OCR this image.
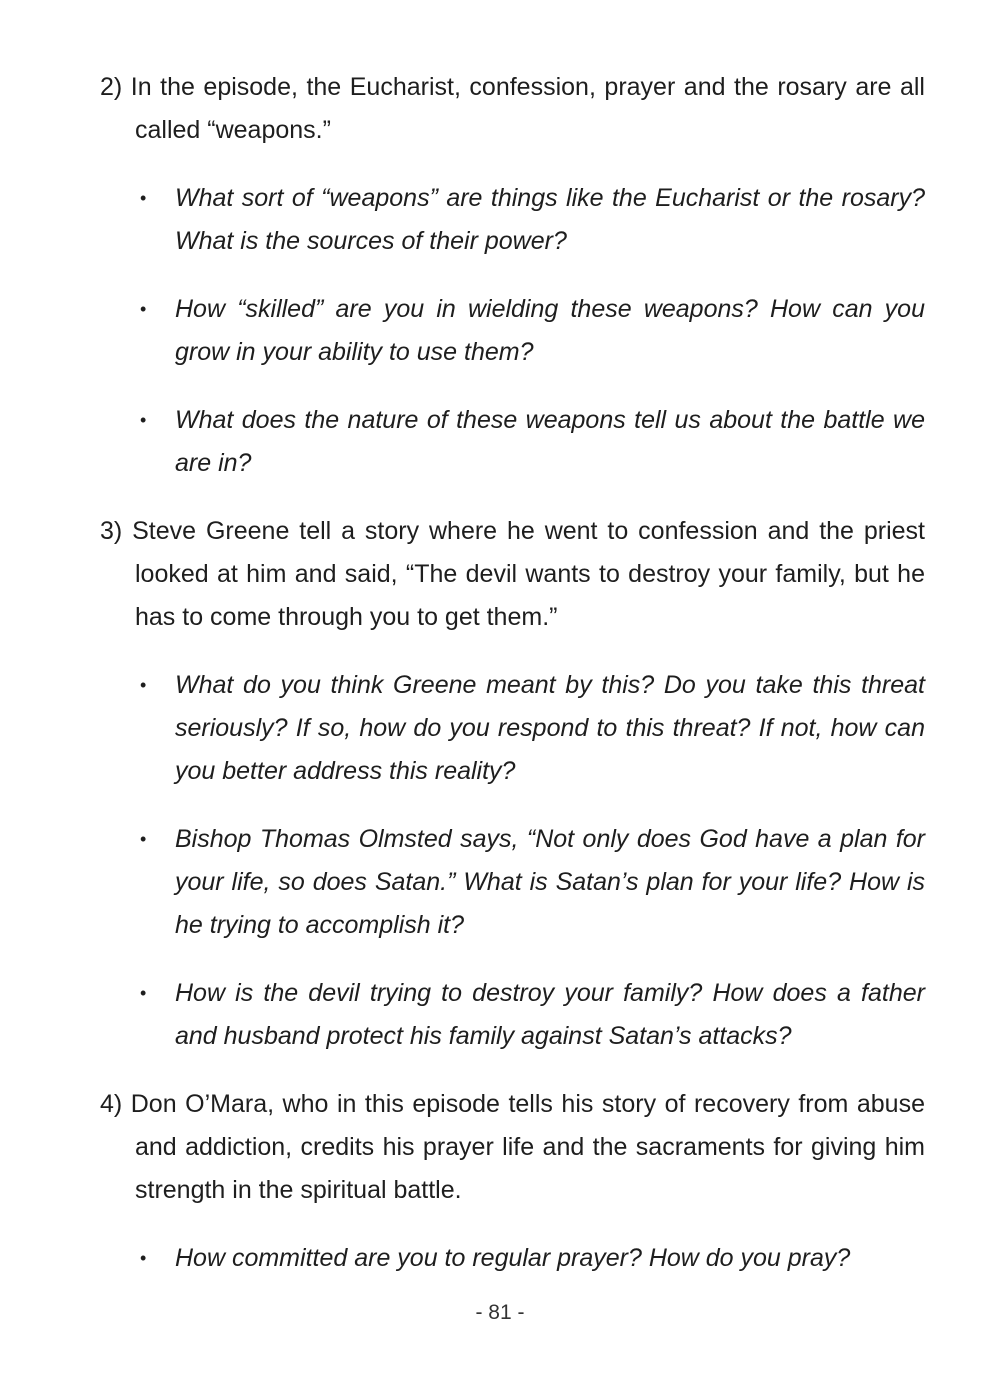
2) In the episode, the Eucharist, confession, prayer and the rosary are all called “weapons.”

• What sort of “weapons” are things like the Eucharist or the rosary? What is the sources of their power?
• How “skilled” are you in wielding these weapons? How can you grow in your ability to use them?
• What does the nature of these weapons tell us about the battle we are in?

3) Steve Greene tell a story where he went to confession and the priest looked at him and said, “The devil wants to destroy your family, but he has to come through you to get them.”

• What do you think Greene meant by this? Do you take this threat seriously? If so, how do you respond to this threat? If not, how can you better address this reality?
• Bishop Thomas Olmsted says, “Not only does God have a plan for your life, so does Satan.” What is Satan’s plan for your life? How is he trying to accomplish it?
• How is the devil trying to destroy your family? How does a father and husband protect his family against Satan’s attacks?

4) Don O’Mara, who in this episode tells his story of recovery from abuse and addiction, credits his prayer life and the sacraments for giving him strength in the spiritual battle.

• How committed are you to regular prayer? How do you pray?
- 81 -
